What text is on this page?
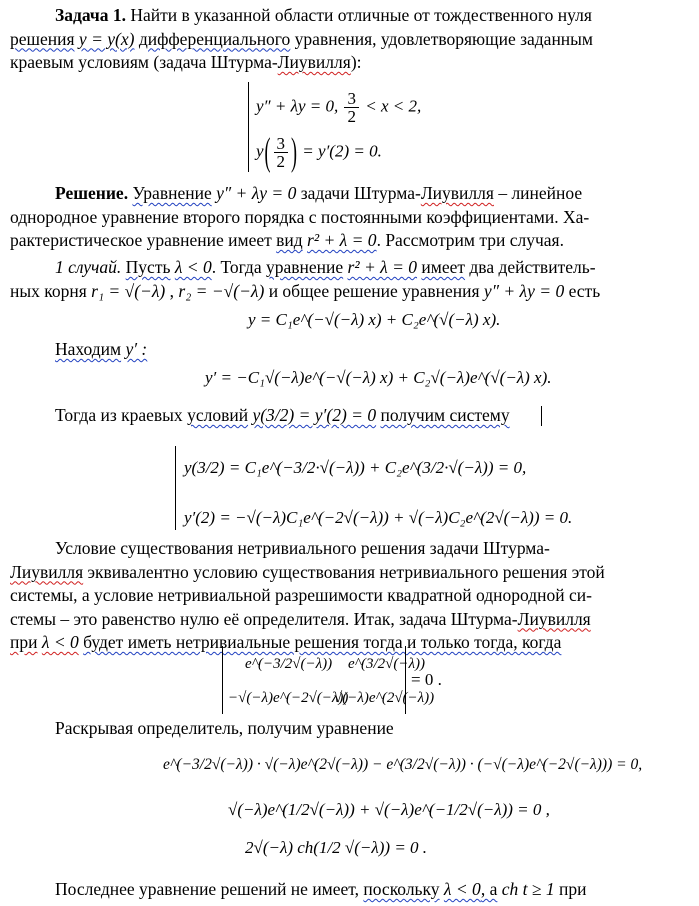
Задача 1. Найти в указанной области отличные от тождественного нуля
решения y = y(x) дифференциального уравнения, удовлетворяющие заданным
краевым условиям (задача Штурма-Лиувилля):
y″ + λy = 0, $\frac{3}{2} < x < 2$,
$y( \frac{3}{2}$ ) = y′(2) = 0.
Решение. Уравнение y″ + λy = 0 задачи Штурма-Лиувилля – линейное
однородное уравнение второго порядка с постоянными коэффициентами. Ха-
рактеристическое уравнение имеет вид r² + λ = 0. Рассмотрим три случая.
1 случай. Пусть λ < 0. Тогда уравнение r² + λ = 0 имеет два действитель-
ных корня r₁ = √(−λ) , r₂ = −√(−λ) и общее решение уравнения y″ + λy = 0 есть
y = C₁e^(−√(−λ) x) + C₂e^(√(−λ) x).
Находим y′ :
y′ = −C₁√(−λ)e^(−√(−λ) x) + C₂√(−λ)e^(√(−λ) x).
Тогда из краевых условий y(3/2) = y′(2) = 0 получим систему
y(3/2) = C₁e^(−3/2·√(−λ)) + C₂e^(3/2·√(−λ)) = 0,
y′(2) = −√(−λ)C₁e^(−2√(−λ)) + √(−λ)C₂e^(2√(−λ)) = 0.
Условие существования нетривиального решения задачи Штурма-
Лиувилля эквивалентно условию существования нетривиального решения этой
системы, а условие нетривиальной разрешимости квадратной однородной си-
стемы – это равенство нулю её определителя. Итак, задача Штурма-Лиувилля
при λ < 0 будет иметь нетривиальные решения тогда и только тогда, когда
e^(−3/2√(−λ)) e^(3/2√(−λ))
−√(−λ)e^(−2√(−λ))
√(−λ)e^(2√(−λ))
= 0 .
Раскрывая определитель, получим уравнение
e^(−3/2√(−λ)) · √(−λ)e^(2√(−λ)) − e^(3/2√(−λ)) · (−√(−λ)e^(−2√(−λ))) = 0,
√(−λ)e^(1/2√(−λ)) + √(−λ)e^(−1/2√(−λ)) = 0 ,
2√(−λ) ch(1/2 √(−λ)) = 0 .
Последнее уравнение решений не имеет, поскольку λ < 0, а ch t ≥ 1 при
